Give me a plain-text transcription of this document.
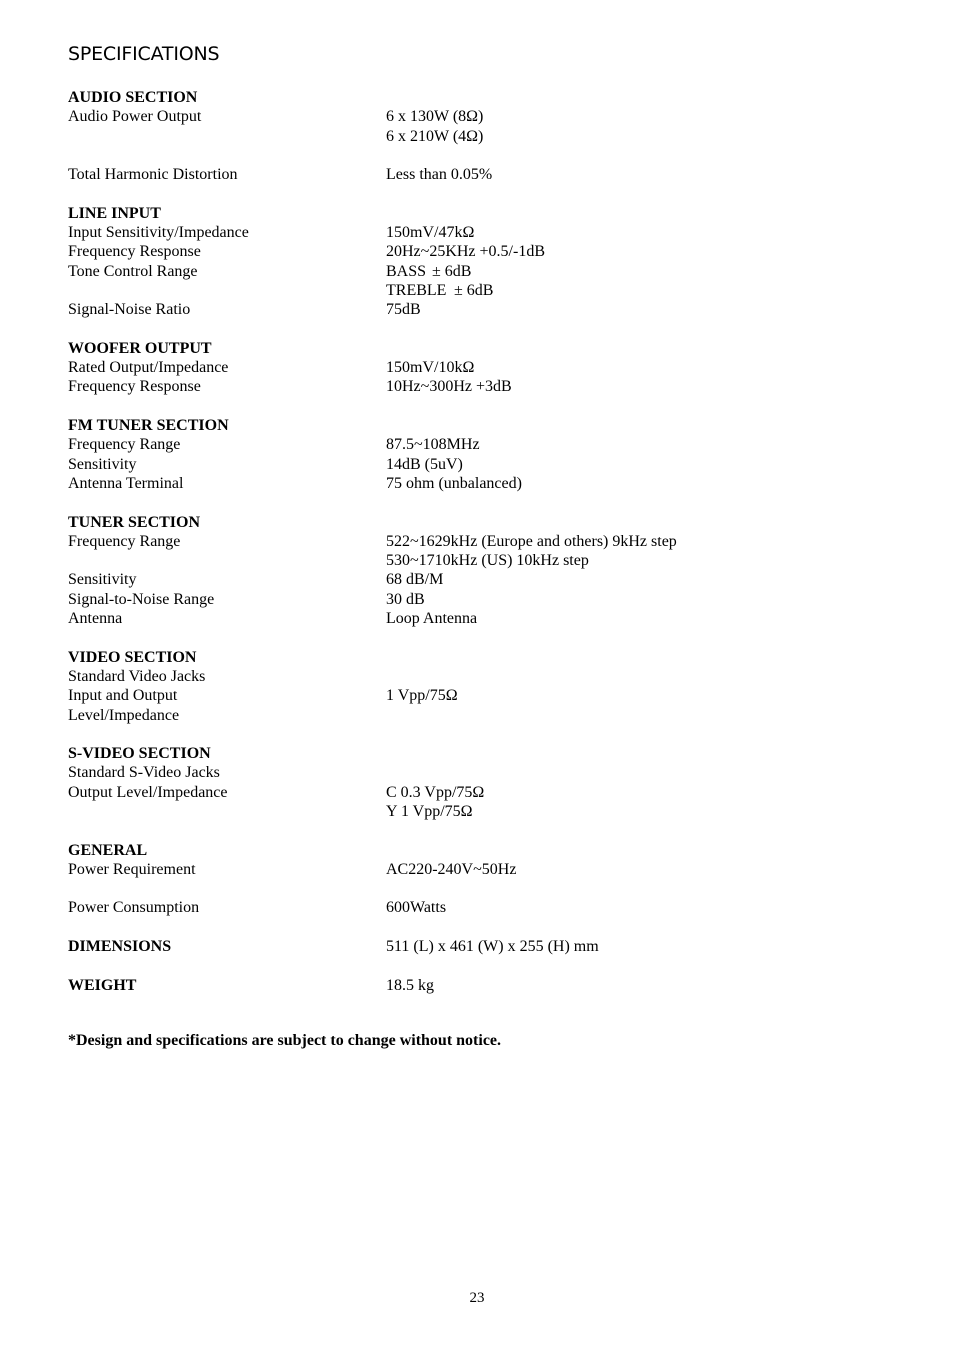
SPECIFICATIONS
AUDIO SECTION
Audio Power Output	6 x 130W (8Ω)
6 x 210W (4Ω)
Total Harmonic Distortion	Less than 0.05%
LINE INPUT
Input Sensitivity/Impedance	150mV/47kΩ
Frequency Response	20Hz~25KHz +0.5/-1dB
Tone Control Range	BASS ± 6dB
TREBLE ± 6dB
Signal-Noise Ratio	75dB
WOOFER OUTPUT
Rated Output/Impedance	150mV/10kΩ
Frequency Response	10Hz~300Hz +3dB
FM TUNER SECTION
Frequency Range	87.5~108MHz
Sensitivity	14dB (5uV)
Antenna Terminal	75 ohm (unbalanced)
TUNER SECTION
Frequency Range	522~1629kHz (Europe and others) 9kHz step
530~1710kHz (US) 10kHz step
Sensitivity	68 dB/M
Signal-to-Noise Range	30 dB
Antenna	Loop Antenna
VIDEO SECTION
Standard Video Jacks
Input and Output	1 Vpp/75Ω
Level/Impedance
S-VIDEO SECTION
Standard S-Video Jacks
Output Level/Impedance	C 0.3 Vpp/75Ω
Y 1 Vpp/75Ω
GENERAL
Power Requirement	AC220-240V~50Hz
Power Consumption	600Watts
DIMENSIONS	511 (L) x 461 (W) x 255 (H) mm
WEIGHT	18.5 kg
*Design and specifications are subject to change without notice.
23
